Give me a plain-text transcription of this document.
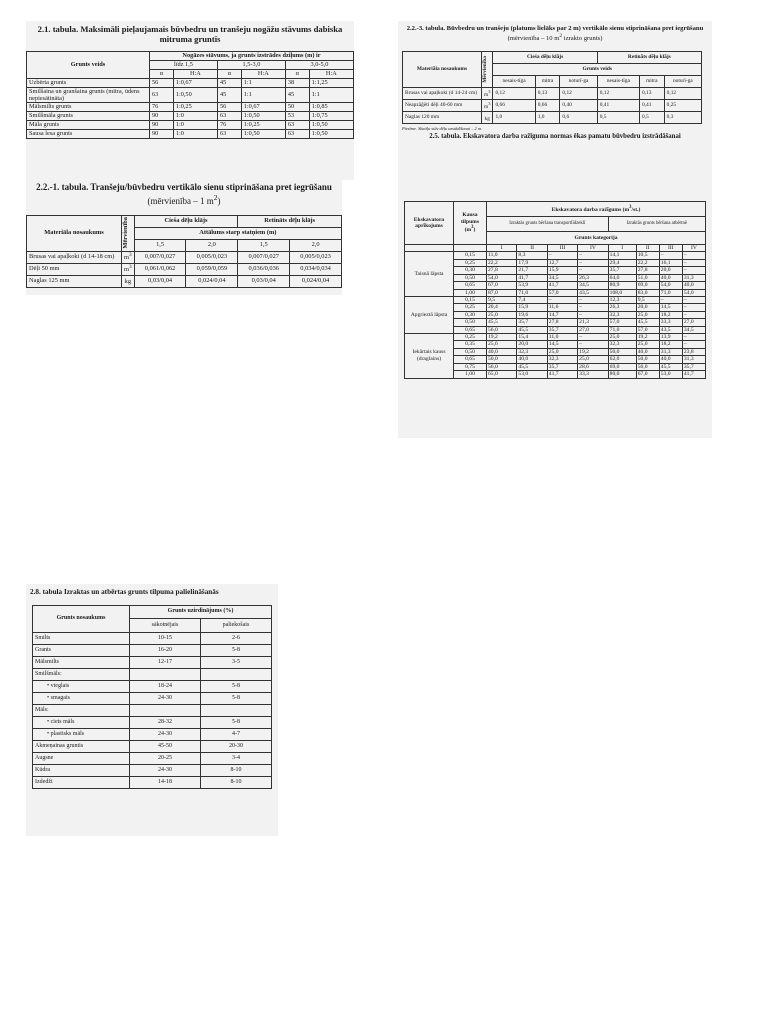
2.1. tabula. Maksimāli pieļaujamais būvbedru un tranšeju nogāžu stāvums dabiska mitruma gruntīs
Grunts veids	Nogāzes stāvums, ja grunts izstrādes dziļums (m) ir					
	līdz 1,5		1,5-3,0		3,0-5,0	
	α	H:A	α	H:A	α	H:A
Uzbērta grunts	56	1:0,67	45	1:1	38	1:1,25
Smilšaina un granšaina grunts (mitra, ūdens nepiesātināta)	63	1:0,50	45	1:1	45	1:1
Mālsmilts grunts	76	1:0,25	56	1:0,67	50	1:0,85
Smilšmāla grunts	90	1:0	63	1:0,50	53	1:0,75
Māla grunts	90	1:0	76	1:0,25	63	1:0,50
Sausa lesa grunts	90	1:0	63	1:0,50	63	1:0,50
2.2.-1. tabula. Tranšeju/būvbedru vertikālo sienu stiprināšana pret iegrūšanu (mērvienība – 1 $m^2$)
Materiāla nosaukums	Mērvienība	Cieša dēļu klājs		Retināts dēļu klājs	
		Attālums starp statņiem (m)			
		1,5	2,0	1,5	2,0
Brusas vai apaļkoki (d 14-18 cm)	$m^3$	0,007/0,027	0,005/0,023	0,007/0,027	0,005/0,023
Dēļi 50 mm	$m^3$	0,061/0,062	0,059/0,059	0,036/0,036	0,034/0,034
Naglas 125 mm	kg	0,03/0,04	0,024/0,04	0,03/0,04	0,024/0,04
2.2.-3. tabula. Būvbedru un tranšeju (platums lielāks par 2 m) vertikālo sienu stiprināšana pret iegrūšanu
(mērvienība – 10 $m^2$ izrakto grunts)
Materiāla nosaukums	Mērvienība	Cieša dēļu klājs			Retināts dēļu klājs		
		Grunts veids					
		nesais-tīga	mitra	noturī-ga	nesais-tīga	mitra	noturī-ga
Brusas vai apaļkoki (d 14-24 cm)	$m^3$	0,12	0,13	0,12	0,12	0,13	0,12
Neapzāģēti dēļi 40-60 mm	$m^3$	0,66	0,66	0,40	0,41	0,41	0,25
Naglas 120 mm	kg	1,0	1,0	0,6	0,5	0,5	0,3
Piezīme. Skaitļu stāv dēļu uzstādīšanai – 2 m.
2.5. tabula. Ekskavatora darba ražīguma normas ēkas pamatu būvbedru izstrādāšanai
Ekskavatora aprīkojums	Kausa tilpums
$(m^3)$	Ekskavatora darba ražīgums $(m^3/st.)$							
		Izraktās grunts bēršana transportlīdzeklī				Izraktās grunts bēršana atbērtnē			
		Grunts kategorija							
		I	II	III	IV	I	II	III	IV
Taisnā lāpsta	0,15	11,0	8,3	–	–	14,1	10,5	–	–
	0,25	22,2	17,9	12,7	–	29,4	22,2	16,1	–
	0,30	27,8	21,7	15,9	–	35,7	27,8	20,0	–
	0,50	54,0	41,7	34,5	26,3	64,0	51,0	40,0	31,3
	0,65	67,0	53,9	41,7	34,5	80,9	69,0	54,0	40,0
	1,00	87,0	71,0	57,0	43,5	108,0	83,0	71,0	54,0
Apgrieztā lāpsta	0,15	9,5	7,4	–	–	12,3	9,5	–	–
	0,25	20,4	15,9	11,6	–	26,3	20,0	14,5	–
	0,30	25,0	19,6	14,7	–	32,3	25,0	18,2	–
	0,50	45,5	35,7	27,8	21,3	57,0	45,5	33,3	27,0
	0,65	56,0	45,5	35,7	27,0	71,0	57,0	43,5	34,5
Iekārtais kauss (draglains)	0,25	19,2	15,4	11,0	–	25,0	19,2	13,9	–
	0,35	25,6	20,0	14,5	–	32,3	25,0	18,2	–
	0,50	40,0	32,3	25,0	19,2	50,0	40,0	31,3	23,8
	0,65	50,0	40,0	32,3	25,0	62,0	50,0	40,0	31,3
	0,75	56,0	45,5	35,7	28,6	69,0	56,0	45,5	35,7
	1,00	65,0	53,0	41,7	33,3	80,0	67,0	53,0	41,7
2.8. tabula Izraktas un atbērtas grunts tilpuma palielināšanās
Grunts nosaukums	Grunts uzirdinājums (%)	
	sākotnējais	paliekošais
Smilts	10-15	2-6
Grants	16-20	5-8
Mālsmilts	12-17	3-5
Smilšmāls:		
• vieglais	18-24	5-8
• smagais	24-30	5-8
Māls:		
• ciets māls	28-32	5-8
• plastisks māls	24-30	4-7
Akmeņainas gruntis	45-50	20-30
Augsne	20-25	3-4
Kūdra	24-30	8-10
Izdedži	14-18	8-10
